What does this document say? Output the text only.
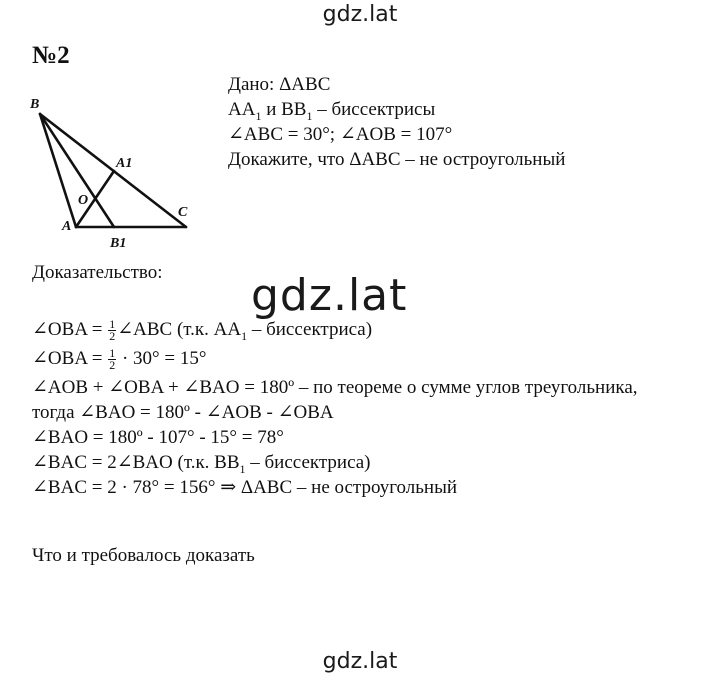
gdz.lat
№2
B
A1
O
C
A
B1
Дано: ΔABC
$AA_1$ и $BB_1$ – биссектрисы
∠ABC = 30°; ∠AOB = 107°
Докажите, что ΔABC – не остроугольный
Доказательство:
∠OBA = $\frac{1}{2}$ ∠ABC (т.к. $AA_1$ – биссектриса)
∠OBA = $\frac{1}{2} \cdot 30^\circ = 15^\circ$
∠AOB + ∠OBA + ∠BAO = 180º – по теореме о сумме углов треугольника,
тогда ∠BAO = 180º - ∠AOB - ∠OBA
∠BAO = 180º - 107° - 15° = 78°
∠BAC = 2∠BAO (т.к. $BB_1$ – биссектриса)
∠BAC = 2 · 78° = 156° ⇒ ΔABC – не остроугольный
gdz.lat
Что и требовалось доказать
gdz.lat
